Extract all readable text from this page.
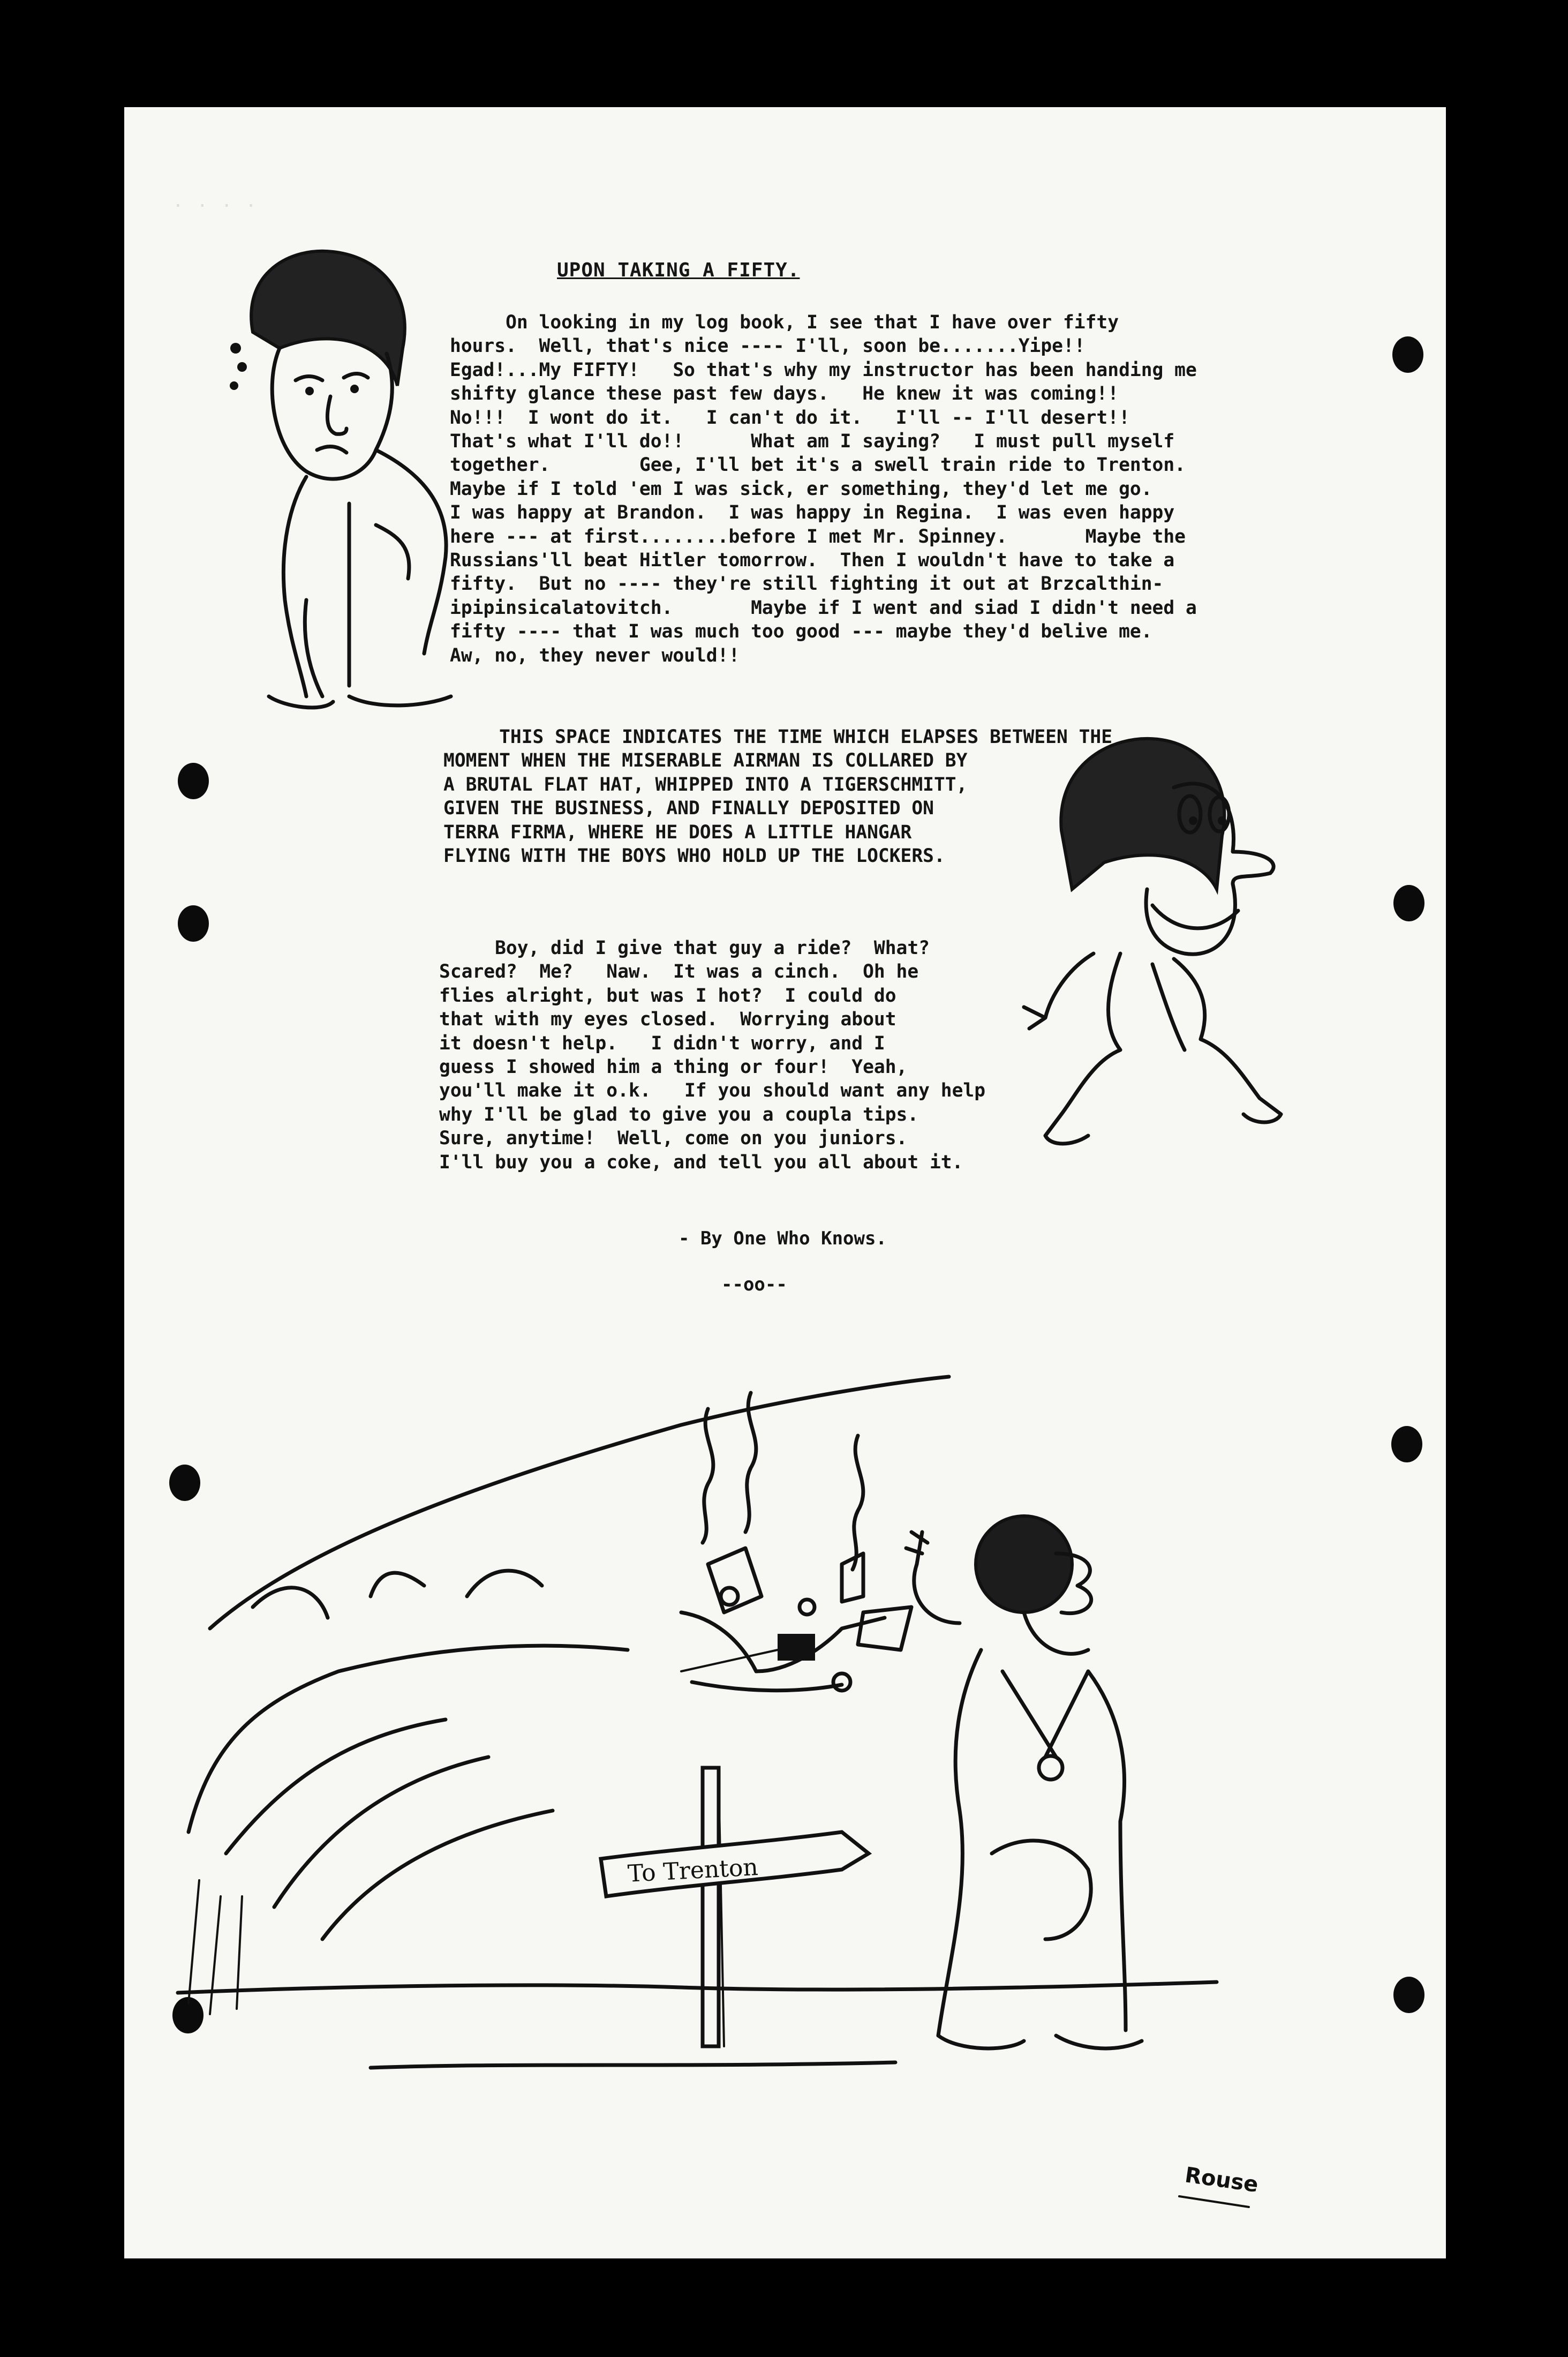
. . . .
UPON TAKING A FIFTY.
On looking in my log book, I see that I have over fifty
hours.  Well, that's nice ---- I'll, soon be.......Yipe!!
Egad!...My FIFTY!   So that's why my instructor has been handing me
shifty glance these past few days.   He knew it was coming!!
No!!!  I wont do it.   I can't do it.   I'll -- I'll desert!!
That's what I'll do!!      What am I saying?   I must pull myself
together.        Gee, I'll bet it's a swell train ride to Trenton.
Maybe if I told 'em I was sick, er something, they'd let me go.
I was happy at Brandon.  I was happy in Regina.  I was even happy
here --- at first........before I met Mr. Spinney.       Maybe the
Russians'll beat Hitler tomorrow.  Then I wouldn't have to take a
fifty.  But no ---- they're still fighting it out at Brzcalthin-
ipipinsicalatovitch.       Maybe if I went and siad I didn't need a
fifty ---- that I was much too good --- maybe they'd belive me.
Aw, no, they never would!!
THIS SPACE INDICATES THE TIME WHICH ELAPSES BETWEEN THE
MOMENT WHEN THE MISERABLE AIRMAN IS COLLARED BY
A BRUTAL FLAT HAT, WHIPPED INTO A TIGERSCHMITT,
GIVEN THE BUSINESS, AND FINALLY DEPOSITED ON
TERRA FIRMA, WHERE HE DOES A LITTLE HANGAR
FLYING WITH THE BOYS WHO HOLD UP THE LOCKERS.
Boy, did I give that guy a ride?  What?
Scared?  Me?   Naw.  It was a cinch.  Oh he
flies alright, but was I hot?  I could do
that with my eyes closed.  Worrying about
it doesn't help.   I didn't worry, and I
guess I showed him a thing or four!  Yeah,
you'll make it o.k.   If you should want any help
why I'll be glad to give you a coupla tips.
Sure, anytime!  Well, come on you juniors.
I'll buy you a coke, and tell you all about it.
- By One Who Knows.
--oo--
To Trenton
Rouse
